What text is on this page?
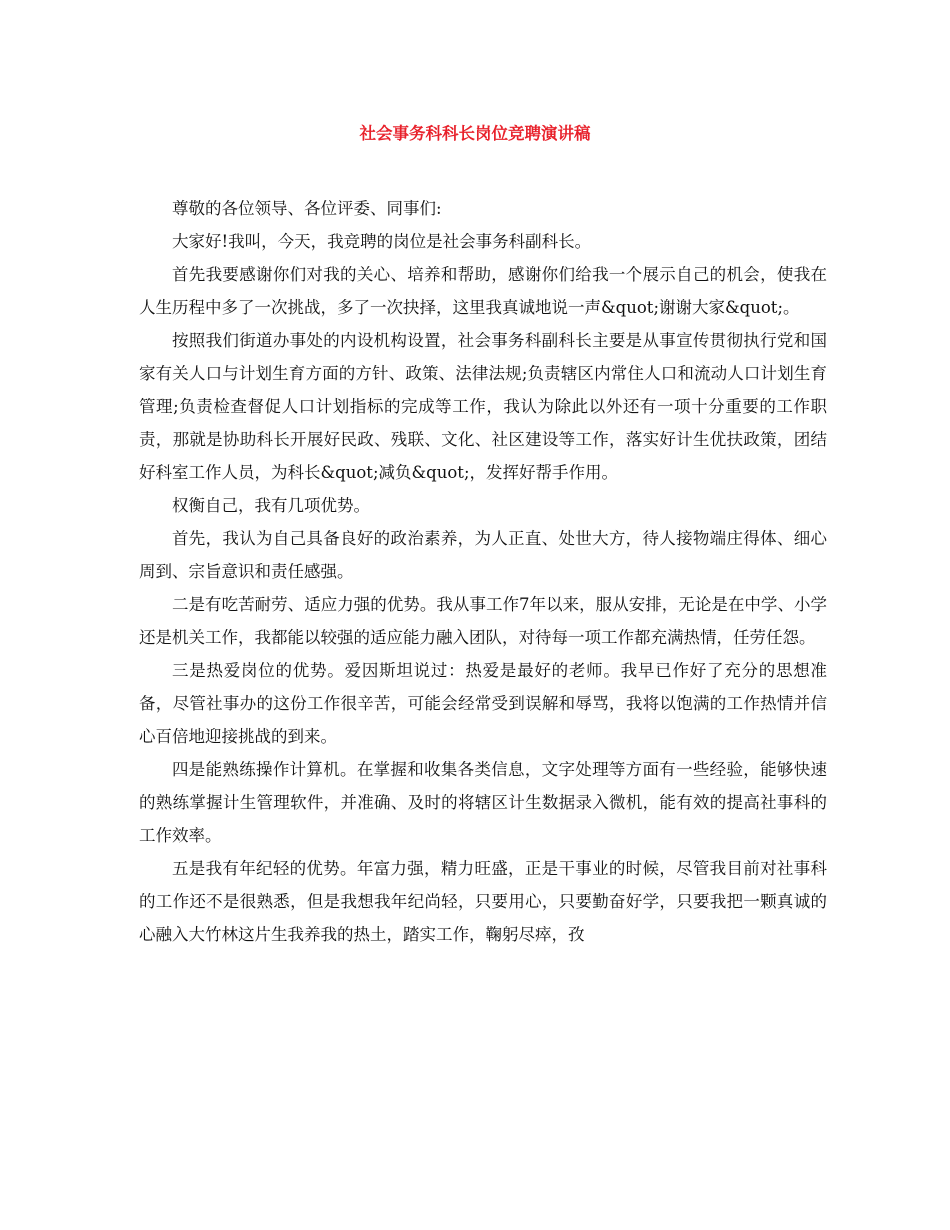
社会事务科科长岗位竞聘演讲稿

尊敬的各位领导、各位评委、同事们:

大家好!我叫，今天，我竞聘的岗位是社会事务科副科长。

首先我要感谢你们对我的关心、培养和帮助，感谢你们给我一个展示自己的机会，使我在人生历程中多了一次挑战，多了一次抉择，这里我真诚地说一声&quot;谢谢大家&quot;。

按照我们街道办事处的内设机构设置，社会事务科副科长主要是从事宣传贯彻执行党和国家有关人口与计划生育方面的方针、政策、法律法规;负责辖区内常住人口和流动人口计划生育管理;负责检查督促人口计划指标的完成等工作，我认为除此以外还有一项十分重要的工作职责，那就是协助科长开展好民政、残联、文化、社区建设等工作，落实好计生优扶政策，团结好科室工作人员，为科长&quot;减负&quot;，发挥好帮手作用。

权衡自己，我有几项优势。

首先，我认为自己具备良好的政治素养，为人正直、处世大方，待人接物端庄得体、细心周到、宗旨意识和责任感强。

二是有吃苦耐劳、适应力强的优势。我从事工作7年以来，服从安排，无论是在中学、小学还是机关工作，我都能以较强的适应能力融入团队，对待每一项工作都充满热情，任劳任怨。

三是热爱岗位的优势。爱因斯坦说过：热爱是最好的老师。我早已作好了充分的思想准备，尽管社事办的这份工作很辛苦，可能会经常受到误解和辱骂，我将以饱满的工作热情并信心百倍地迎接挑战的到来。

四是能熟练操作计算机。在掌握和收集各类信息，文字处理等方面有一些经验，能够快速的熟练掌握计生管理软件，并准确、及时的将辖区计生数据录入微机，能有效的提高社事科的工作效率。

五是我有年纪轻的优势。年富力强，精力旺盛，正是干事业的时候，尽管我目前对社事科的工作还不是很熟悉，但是我想我年纪尚轻，只要用心，只要勤奋好学，只要我把一颗真诚的心融入大竹林这片生我养我的热土，踏实工作，鞠躬尽瘁，孜
